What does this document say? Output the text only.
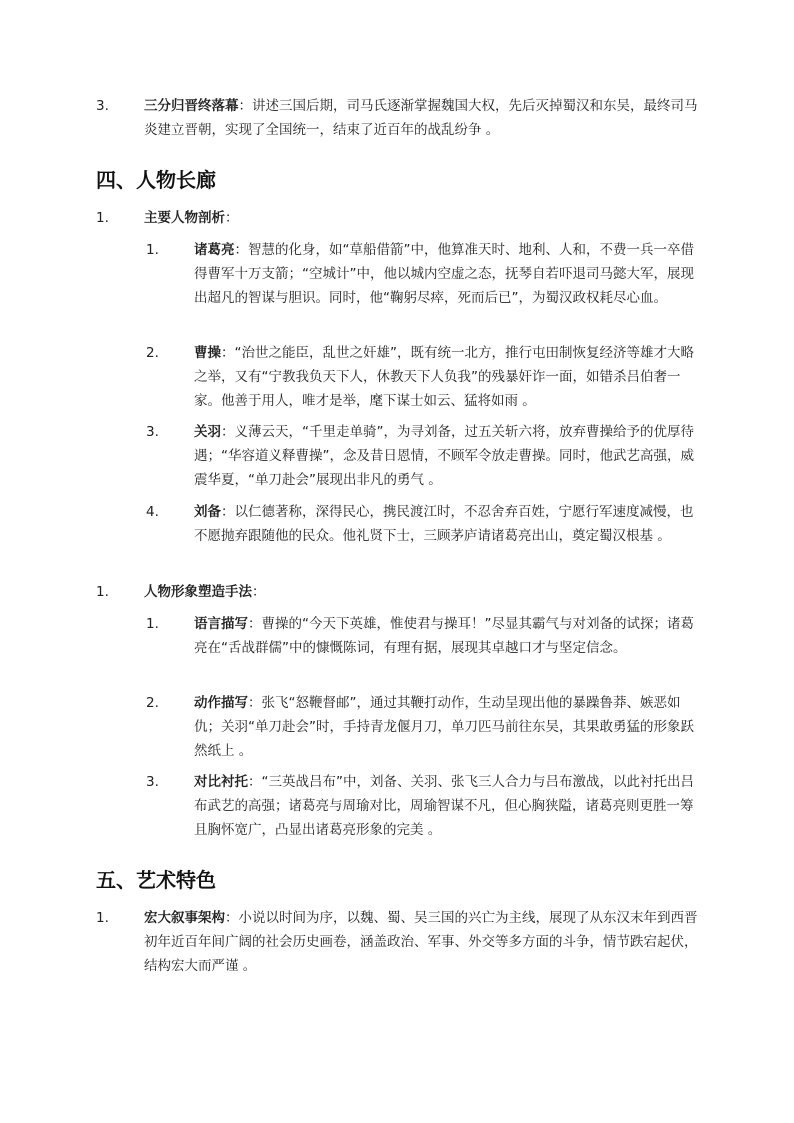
3.	三分归晋终落幕：讲述三国后期，司马氏逐渐掌握魏国大权，先后灭掉蜀汉和东吴，最终司马炎建立晋朝，实现了全国统一，结束了近百年的战乱纷争 。
四、人物长廊
1.	主要人物剖析：
1.	诸葛亮：智慧的化身，如“草船借箭”中，他算准天时、地利、人和，不费一兵一卒借得曹军十万支箭；“空城计”中，他以城内空虚之态，抚琴自若吓退司马懿大军，展现出超凡的智谋与胆识。同时，他“鞠躬尽瘁，死而后已”，为蜀汉政权耗尽心血。
2.	曹操：“治世之能臣，乱世之奸雄”，既有统一北方，推行屯田制恢复经济等雄才大略之举，又有“宁教我负天下人，休教天下人负我”的残暴奸诈一面，如错杀吕伯奢一家。他善于用人，唯才是举，麾下谋士如云、猛将如雨 。
3.	关羽：义薄云天，“千里走单骑”，为寻刘备，过五关斩六将，放弃曹操给予的优厚待遇；“华容道义释曹操”，念及昔日恩情，不顾军令放走曹操。同时，他武艺高强，威震华夏，“单刀赴会”展现出非凡的勇气 。
4.	刘备：以仁德著称，深得民心，携民渡江时，不忍舍弃百姓，宁愿行军速度减慢，也不愿抛弃跟随他的民众。他礼贤下士，三顾茅庐请诸葛亮出山，奠定蜀汉根基 。
1.	人物形象塑造手法：
1.	语言描写：曹操的“今天下英雄，惟使君与操耳！”尽显其霸气与对刘备的试探；诸葛亮在“舌战群儒”中的慷慨陈词，有理有据，展现其卓越口才与坚定信念。
2.	动作描写：张飞“怒鞭督邮”，通过其鞭打动作，生动呈现出他的暴躁鲁莽、嫉恶如仇；关羽“单刀赴会”时，手持青龙偃月刀，单刀匹马前往东吴，其果敢勇猛的形象跃然纸上 。
3.	对比衬托：“三英战吕布”中，刘备、关羽、张飞三人合力与吕布激战，以此衬托出吕布武艺的高强；诸葛亮与周瑜对比，周瑜智谋不凡，但心胸狭隘，诸葛亮则更胜一筹且胸怀宽广，凸显出诸葛亮形象的完美 。
五、艺术特色
1.	宏大叙事架构：小说以时间为序，以魏、蜀、吴三国的兴亡为主线，展现了从东汉末年到西晋初年近百年间广阔的社会历史画卷，涵盖政治、军事、外交等多方面的斗争，情节跌宕起伏，结构宏大而严谨 。
